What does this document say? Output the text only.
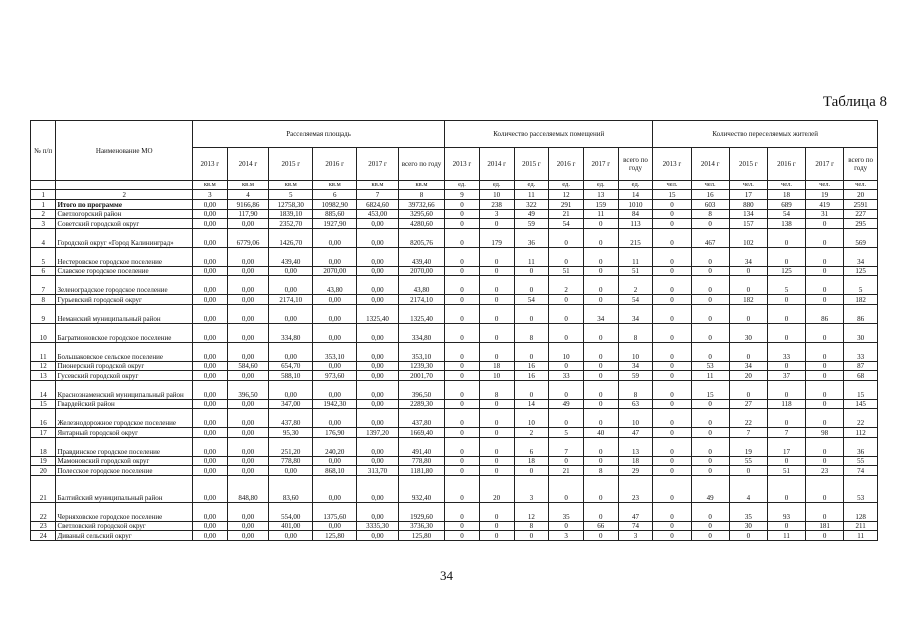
Таблица 8
№ п/п	Наименование МО	Расселяемая площадь						Количество расселяемых помещений						Количество переселяемых жителей					
		2013 г	2014 г	2015 г	2016 г	2017 г	всего по году	2013 г	2014 г	2015 г	2016 г	2017 г	всего по году	2013 г	2014 г	2015 г	2016 г	2017 г	всего по году
		кв.м	кв.м	кв.м	кв.м	кв.м	кв.м	ед.	ед.	ед.	ед.	ед.	ед.	чел.	чел.	чел.	чел.	чел.	чел.
1	2	3	4	5	6	7	8	9	10	11	12	13	14	15	16	17	18	19	20
1	Итого по программе	0,00	9166,86	12758,30	10982,90	6824,60	39732,66	0	238	322	291	159	1010	0	603	880	689	419	2591
2	Светлогорский район	0,00	117,90	1839,10	885,60	453,00	3295,60	0	3	49	21	11	84	0	8	134	54	31	227
3	Советский городской округ	0,00	0,00	2352,70	1927,90	0,00	4280,60	0	0	59	54	0	113	0	0	157	138	0	295
4	Городской округ «Город Калининград»	0,00	6779,06	1426,70	0,00	0,00	8205,76	0	179	36	0	0	215	0	467	102	0	0	569
5	Нестеровское городское поселение	0,00	0,00	439,40	0,00	0,00	439,40	0	0	11	0	0	11	0	0	34	0	0	34
6	Славское городское поселение	0,00	0,00	0,00	2070,00	0,00	2070,00	0	0	0	51	0	51	0	0	0	125	0	125
7	Зеленоградское городское поселение	0,00	0,00	0,00	43,80	0,00	43,80	0	0	0	2	0	2	0	0	0	5	0	5
8	Гурьевский городской округ	0,00	0,00	2174,10	0,00	0,00	2174,10	0	0	54	0	0	54	0	0	182	0	0	182
9	Неманский муниципальный район	0,00	0,00	0,00	0,00	1325,40	1325,40	0	0	0	0	34	34	0	0	0	0	86	86
10	Багратионовское городское поселение	0,00	0,00	334,80	0,00	0,00	334,80	0	0	8	0	0	8	0	0	30	0	0	30
11	Большаковское сельское поселение	0,00	0,00	0,00	353,10	0,00	353,10	0	0	0	10	0	10	0	0	0	33	0	33
12	Пионерский городской округ	0,00	584,60	654,70	0,00	0,00	1239,30	0	18	16	0	0	34	0	53	34	0	0	87
13	Гусевский городской округ	0,00	0,00	588,10	973,60	0,00	2001,70	0	10	16	33	0	59	0	11	20	37	0	68
14	Краснознаменский муниципальный район	0,00	396,50	0,00	0,00	0,00	396,50	0	8	0	0	0	8	0	15	0	0	0	15
15	Гвардейский район	0,00	0,00	347,00	1942,30	0,00	2289,30	0	0	14	49	0	63	0	0	27	118	0	145
16	Железнодорожное городское поселение	0,00	0,00	437,80	0,00	0,00	437,80	0	0	10	0	0	10	0	0	22	0	0	22
17	Янтарный городской округ	0,00	0,00	95,30	176,90	1397,20	1669,40	0	0	2	5	40	47	0	0	7	7	98	112
18	Правдинское городское поселение	0,00	0,00	251,20	240,20	0,00	491,40	0	0	6	7	0	13	0	0	19	17	0	36
19	Мамоновский городской округ	0,00	0,00	778,80	0,00	0,00	778,80	0	0	18	0	0	18	0	0	55	0	0	55
20	Полесское городское поселение	0,00	0,00	0,00	868,10	313,70	1181,80	0	0	0	21	8	29	0	0	0	51	23	74
21	Балтийский муниципальный район	0,00	848,80	83,60	0,00	0,00	932,40	0	20	3	0	0	23	0	49	4	0	0	53
22	Черняховское городское поселение	0,00	0,00	554,00	1375,60	0,00	1929,60	0	0	12	35	0	47	0	0	35	93	0	128
23	Светловский городской округ	0,00	0,00	401,00	0,00	3335,30	3736,30	0	0	8	0	66	74	0	0	30	0	181	211
24	Диваный сельский округ	0,00	0,00	0,00	125,80	0,00	125,80	0	0	0	3	0	3	0	0	0	11	0	11
34
